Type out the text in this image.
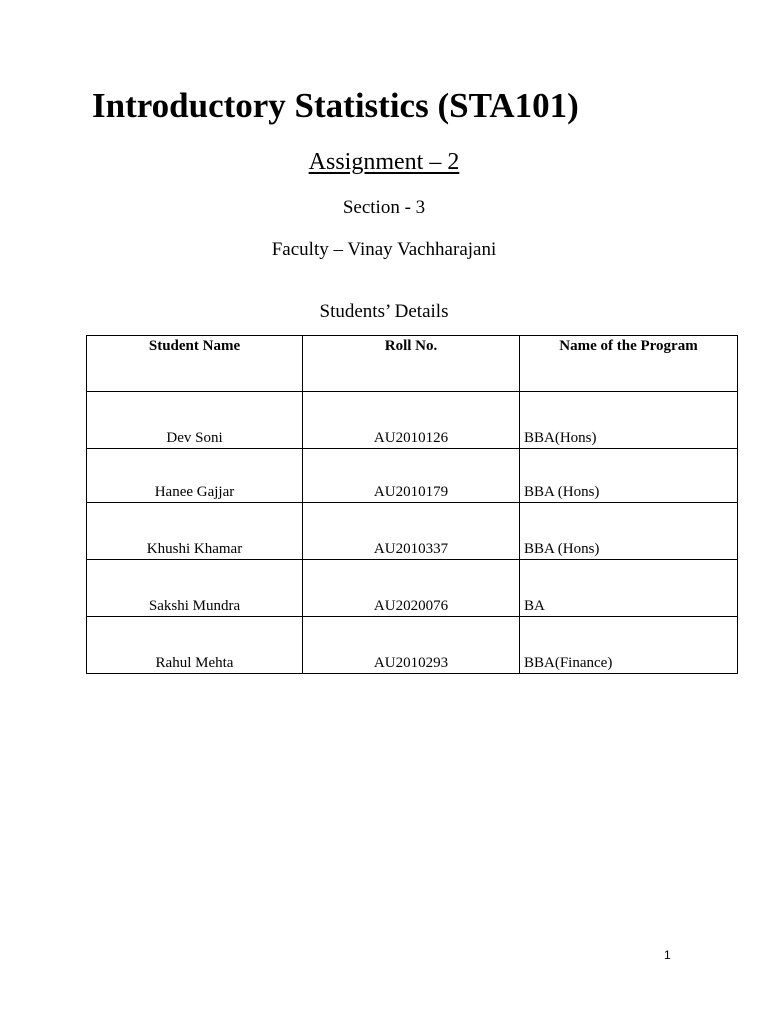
Introductory Statistics (STA101)

Assignment – 2

Section - 3

Faculty – Vinay Vachharajani

Students’ Details

Student Name	Roll No.	Name of the Program
Dev Soni	AU2010126	BBA(Hons)
Hanee Gajjar	AU2010179	BBA (Hons)
Khushi Khamar	AU2010337	BBA (Hons)
Sakshi Mundra	AU2020076	BA
Rahul Mehta	AU2010293	BBA(Finance)

1
